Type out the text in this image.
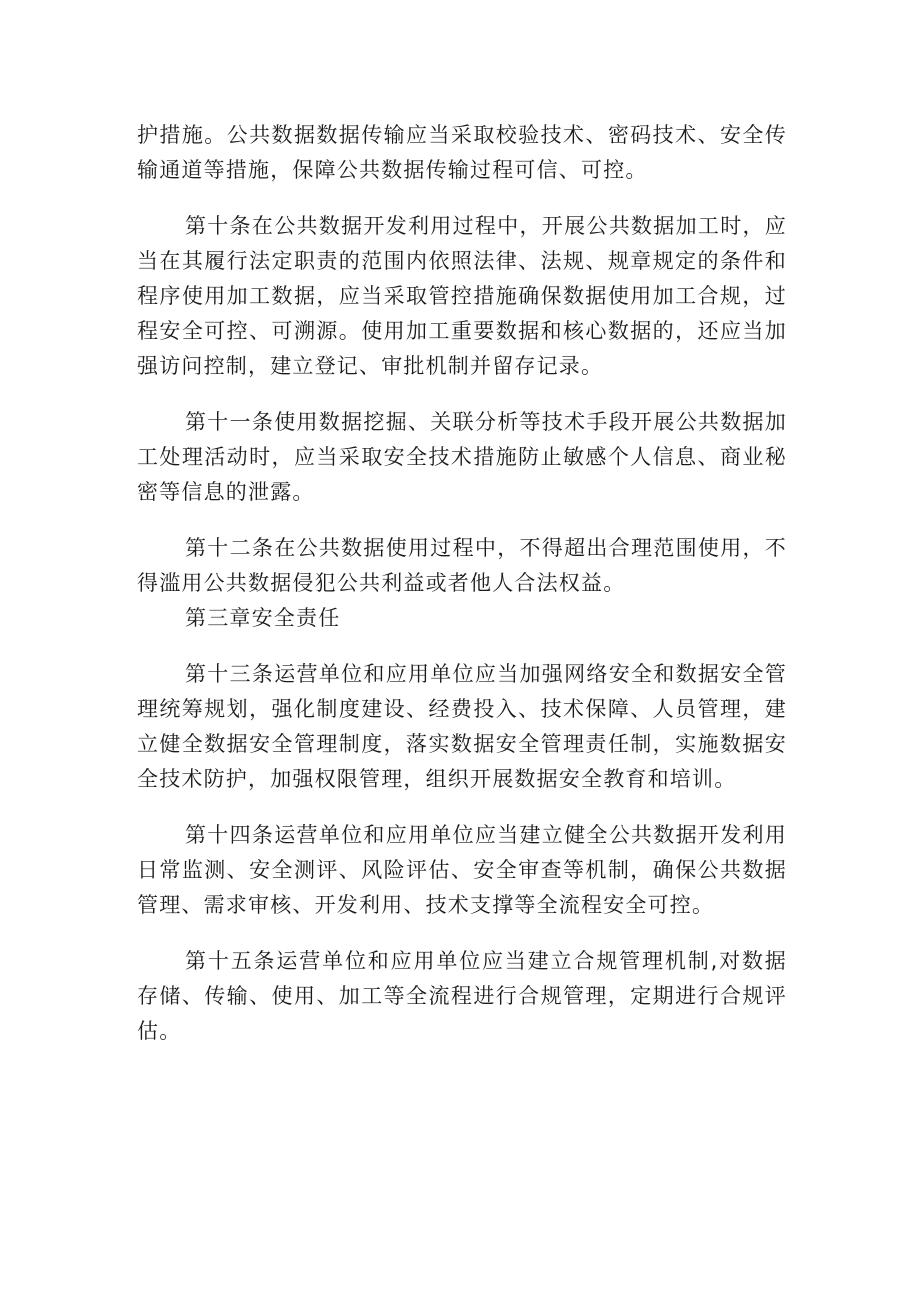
护措施。公共数据数据传输应当采取校验技术、密码技术、安全传输通道等措施，保障公共数据传输过程可信、可控。

第十条在公共数据开发利用过程中，开展公共数据加工时，应当在其履行法定职责的范围内依照法律、法规、规章规定的条件和程序使用加工数据，应当采取管控措施确保数据使用加工合规，过程安全可控、可溯源。使用加工重要数据和核心数据的，还应当加强访问控制，建立登记、审批机制并留存记录。

第十一条使用数据挖掘、关联分析等技术手段开展公共数据加工处理活动时，应当采取安全技术措施防止敏感个人信息、商业秘密等信息的泄露。

第十二条在公共数据使用过程中，不得超出合理范围使用，不得滥用公共数据侵犯公共利益或者他人合法权益。

第三章安全责任

第十三条运营单位和应用单位应当加强网络安全和数据安全管理统筹规划，强化制度建设、经费投入、技术保障、人员管理，建立健全数据安全管理制度，落实数据安全管理责任制，实施数据安全技术防护，加强权限管理，组织开展数据安全教育和培训。

第十四条运营单位和应用单位应当建立健全公共数据开发利用日常监测、安全测评、风险评估、安全审查等机制，确保公共数据管理、需求审核、开发利用、技术支撑等全流程安全可控。

第十五条运营单位和应用单位应当建立合规管理机制,对数据存储、传输、使用、加工等全流程进行合规管理，定期进行合规评估。
